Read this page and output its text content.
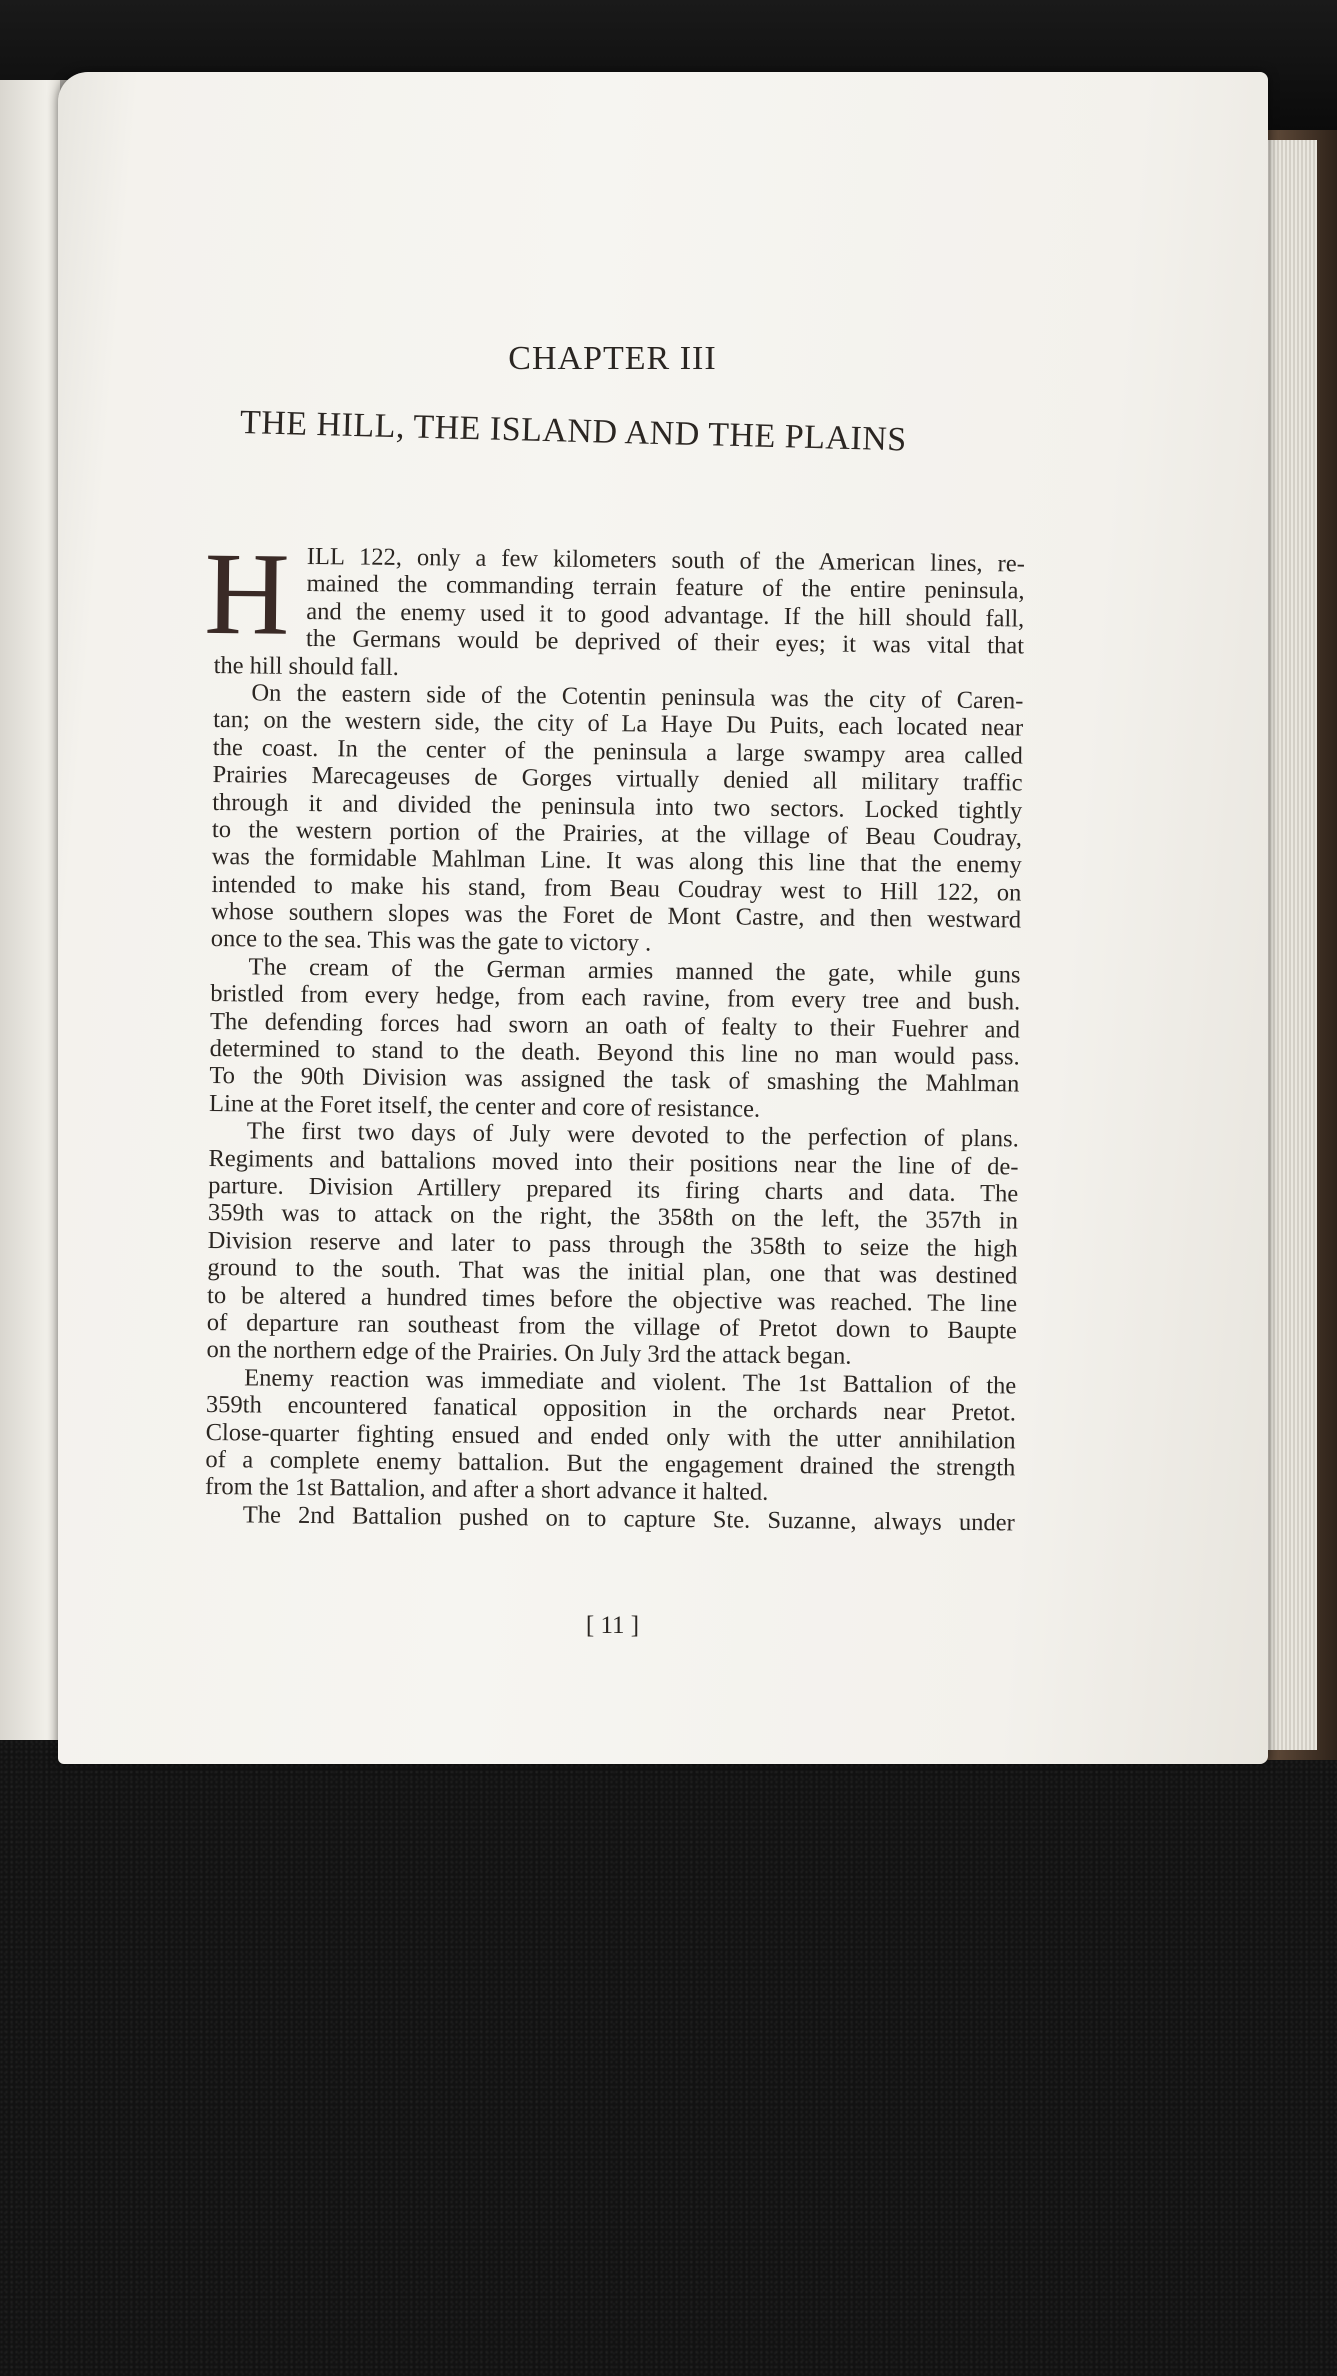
CHAPTER III
THE HILL, THE ISLAND AND THE PLAINS
H ILL 122, only a few kilometers south of the American lines, re-
mained the commanding terrain feature of the entire peninsula,
and the enemy used it to good advantage. If the hill should fall,
the Germans would be deprived of their eyes; it was vital that
the hill should fall.
On the eastern side of the Cotentin peninsula was the city of Caren-
tan; on the western side, the city of La Haye Du Puits, each located near
the coast. In the center of the peninsula a large swampy area called
Prairies Marecageuses de Gorges virtually denied all military traffic
through it and divided the peninsula into two sectors. Locked tightly
to the western portion of the Prairies, at the village of Beau Coudray,
was the formidable Mahlman Line. It was along this line that the enemy
intended to make his stand, from Beau Coudray west to Hill 122, on
whose southern slopes was the Foret de Mont Castre, and then westward
once to the sea. This was the gate to victory .
The cream of the German armies manned the gate, while guns
bristled from every hedge, from each ravine, from every tree and bush.
The defending forces had sworn an oath of fealty to their Fuehrer and
determined to stand to the death. Beyond this line no man would pass.
To the 90th Division was assigned the task of smashing the Mahlman
Line at the Foret itself, the center and core of resistance.
The first two days of July were devoted to the perfection of plans.
Regiments and battalions moved into their positions near the line of de-
parture. Division Artillery prepared its firing charts and data. The
359th was to attack on the right, the 358th on the left, the 357th in
Division reserve and later to pass through the 358th to seize the high
ground to the south. That was the initial plan, one that was destined
to be altered a hundred times before the objective was reached. The line
of departure ran southeast from the village of Pretot down to Baupte
on the northern edge of the Prairies. On July 3rd the attack began.
Enemy reaction was immediate and violent. The 1st Battalion of the
359th encountered fanatical opposition in the orchards near Pretot.
Close-quarter fighting ensued and ended only with the utter annihilation
of a complete enemy battalion. But the engagement drained the strength
from the 1st Battalion, and after a short advance it halted.
The 2nd Battalion pushed on to capture Ste. Suzanne, always under
[ 11 ]
